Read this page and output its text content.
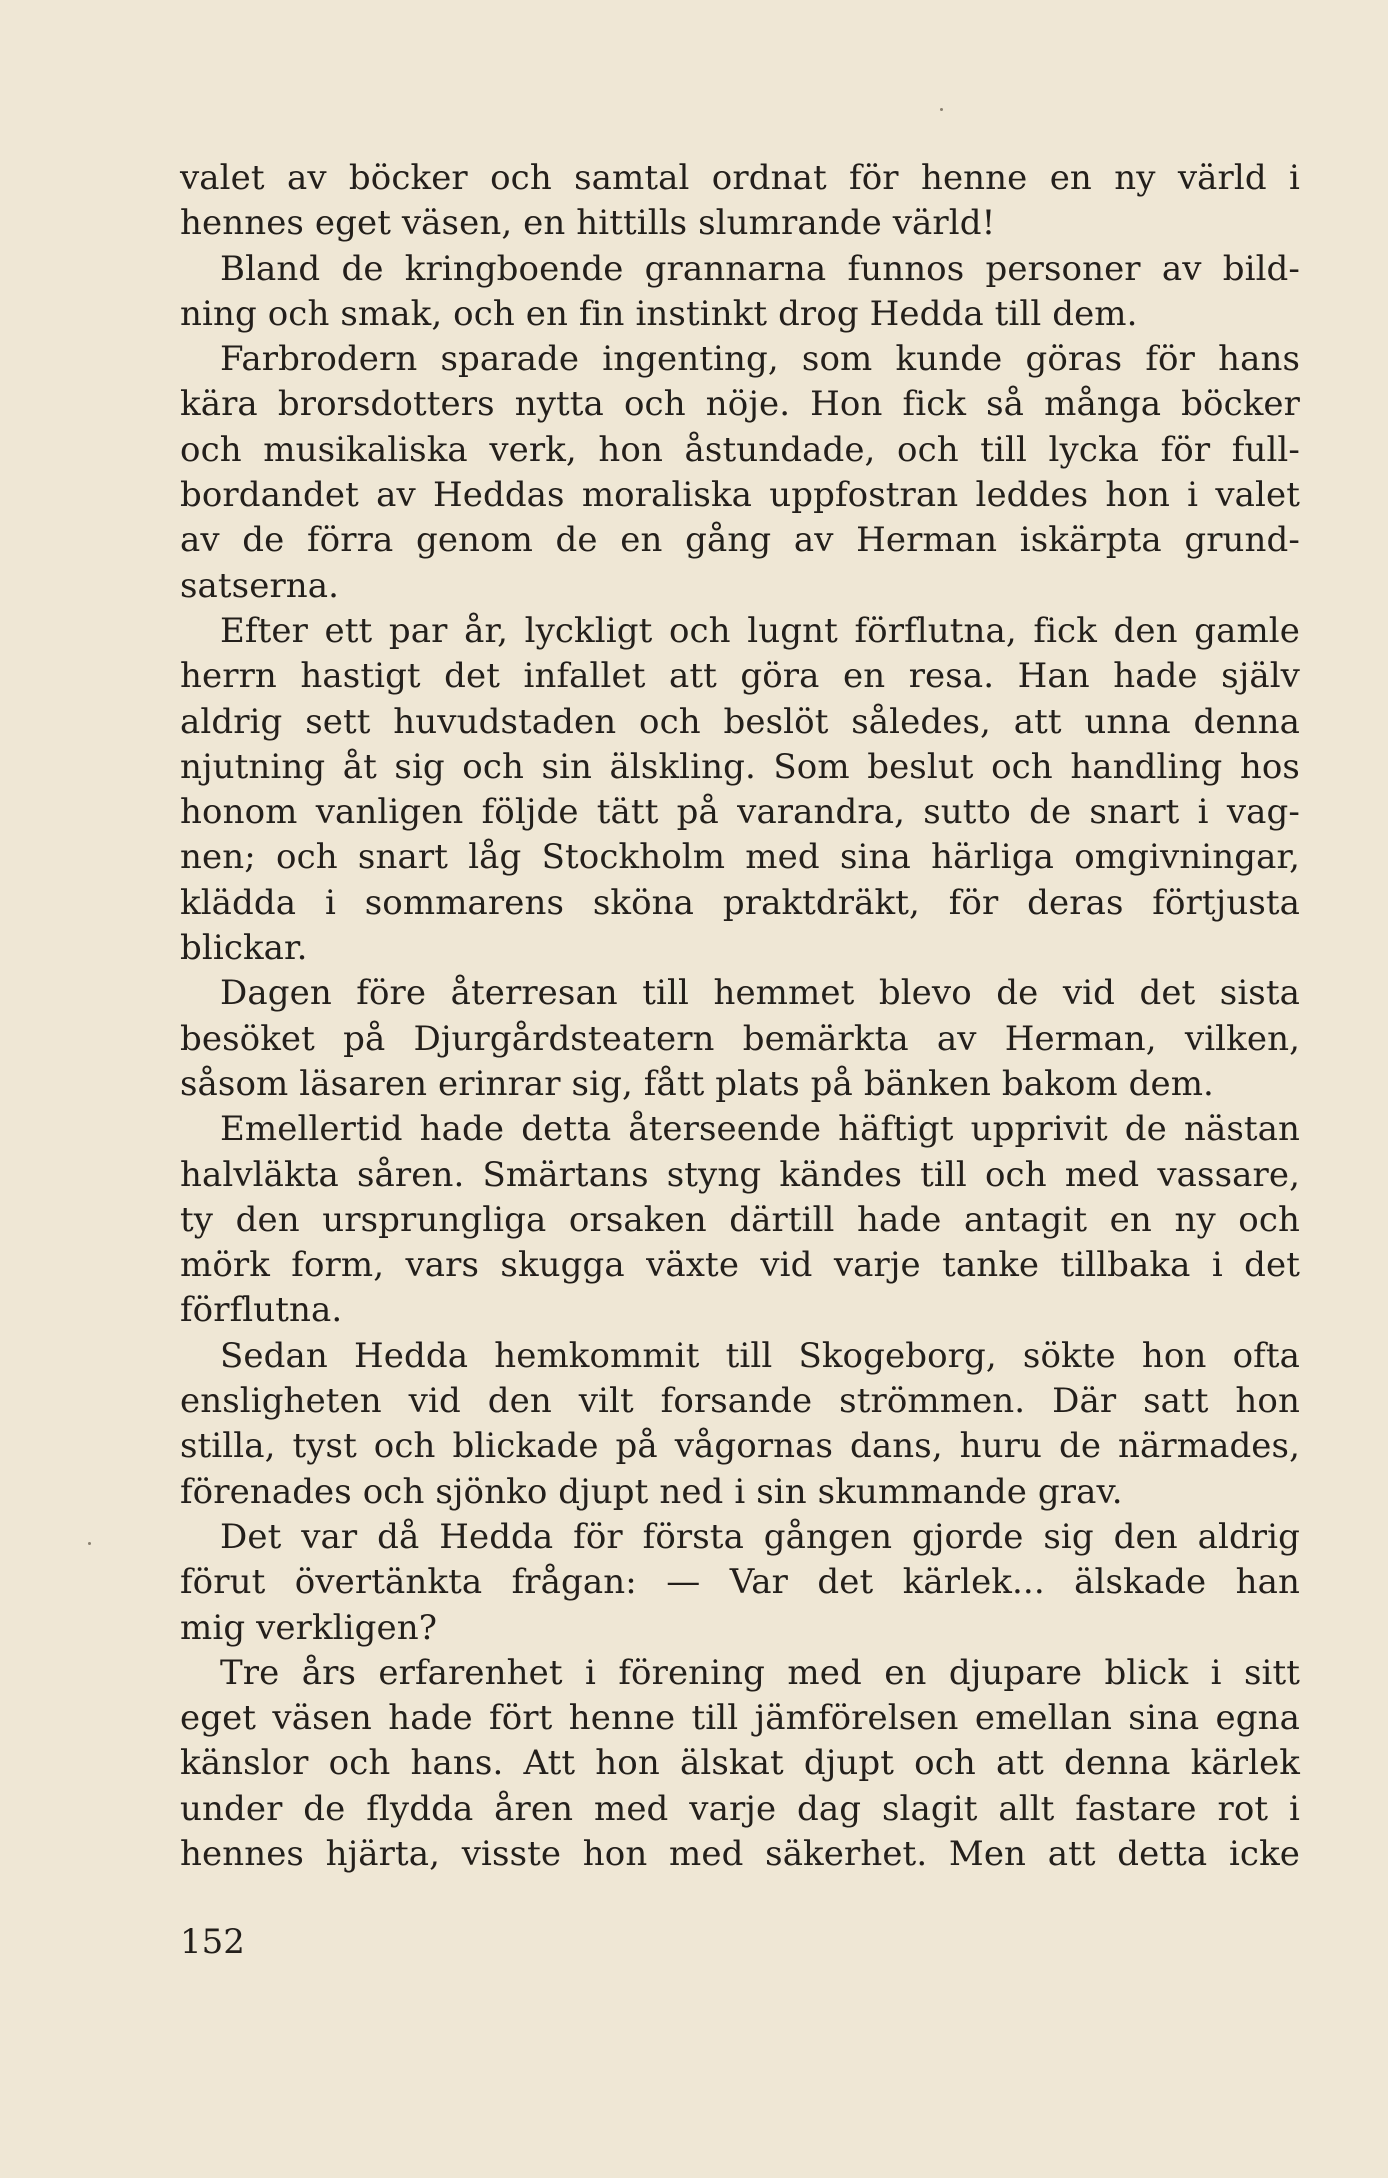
valet av böcker och samtal ordnat för henne en ny värld i
hennes eget väsen, en hittills slumrande värld!
Bland de kringboende grannarna funnos personer av bild-
ning och smak, och en fin instinkt drog Hedda till dem.
Farbrodern sparade ingenting, som kunde göras för hans
kära brorsdotters nytta och nöje. Hon fick så många böcker
och musikaliska verk, hon åstundade, och till lycka för full-
bordandet av Heddas moraliska uppfostran leddes hon i valet
av de förra genom de en gång av Herman iskärpta grund-
satserna.
Efter ett par år, lyckligt och lugnt förflutna, fick den gamle
herrn hastigt det infallet att göra en resa. Han hade själv
aldrig sett huvudstaden och beslöt således, att unna denna
njutning åt sig och sin älskling. Som beslut och handling hos
honom vanligen följde tätt på varandra, sutto de snart i vag-
nen; och snart låg Stockholm med sina härliga omgivningar,
klädda i sommarens sköna praktdräkt, för deras förtjusta
blickar.
Dagen före återresan till hemmet blevo de vid det sista
besöket på Djurgårdsteatern bemärkta av Herman, vilken,
såsom läsaren erinrar sig, fått plats på bänken bakom dem.
Emellertid hade detta återseende häftigt upprivit de nästan
halvläkta såren. Smärtans styng kändes till och med vassare,
ty den ursprungliga orsaken därtill hade antagit en ny och
mörk form, vars skugga växte vid varje tanke tillbaka i det
förflutna.
Sedan Hedda hemkommit till Skogeborg, sökte hon ofta
ensligheten vid den vilt forsande strömmen. Där satt hon
stilla, tyst och blickade på vågornas dans, huru de närmades,
förenades och sjönko djupt ned i sin skummande grav.
Det var då Hedda för första gången gjorde sig den aldrig
förut övertänkta frågan: — Var det kärlek... älskade han
mig verkligen?
Tre års erfarenhet i förening med en djupare blick i sitt
eget väsen hade fört henne till jämförelsen emellan sina egna
känslor och hans. Att hon älskat djupt och att denna kärlek
under de flydda åren med varje dag slagit allt fastare rot i
hennes hjärta, visste hon med säkerhet. Men att detta icke
152
